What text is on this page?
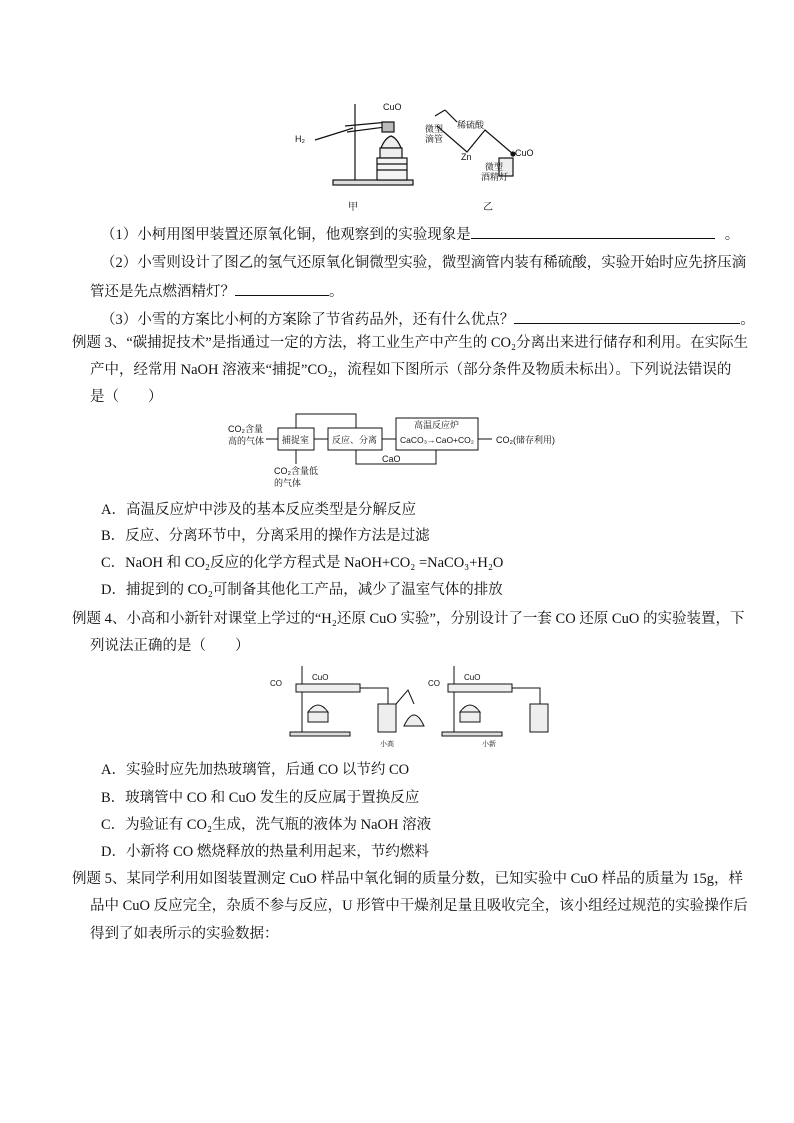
H₂
CuO
微型
滴管
稀硫酸
Zn
微型
酒精灯
CuO
甲	乙
（1）小柯用图甲装置还原氧化铜，他观察到的实验现象是	。
（2）小雪则设计了图乙的氢气还原氧化铜微型实验，微型滴管内装有稀硫酸，实验开始时应先挤压滴
管还是先点燃酒精灯？	。
（3）小雪的方案比小柯的方案除了节省药品外，还有什么优点？	。
例题 3、“碳捕捉技术”是指通过一定的方法，将工业生产中产生的 CO₂分离出来进行储存和利用。在实际生
产中，经常用 NaOH 溶液来“捕捉”CO₂，流程如下图所示（部分条件及物质未标出）。下列说法错误的
是（　　）
CO₂含量
高的气体 捕捉室	反应、分离
高温反应炉
CaCO₃→CaO+CO₂ CO₂(储存利用)
CO₂含量低
的气体
CaO
A．高温反应炉中涉及的基本反应类型是分解反应
B．反应、分离环节中，分离采用的操作方法是过滤
C．NaOH 和 CO₂反应的化学方程式是 NaOH+CO₂ =NaCO₃+H₂O
D．捕捉到的 CO₂可制备其他化工产品，减少了温室气体的排放
例题 4、小高和小新针对课堂上学过的“H₂还原 CuO 实验”，分别设计了一套 CO 还原 CuO 的实验装置，下
列说法正确的是（　　）
CO
CuO
小高
CO
CuO
小新
A．实验时应先加热玻璃管，后通 CO 以节约 CO
B．玻璃管中 CO 和 CuO 发生的反应属于置换反应
C．为验证有 CO₂生成，洗气瓶的液体为 NaOH 溶液
D．小新将 CO 燃烧释放的热量利用起来，节约燃料
例题 5、某同学利用如图装置测定 CuO 样品中氧化铜的质量分数，已知实验中 CuO 样品的质量为 15g，样
品中 CuO 反应完全，杂质不参与反应，U 形管中干燥剂足量且吸收完全，该小组经过规范的实验操作后
得到了如表所示的实验数据：
